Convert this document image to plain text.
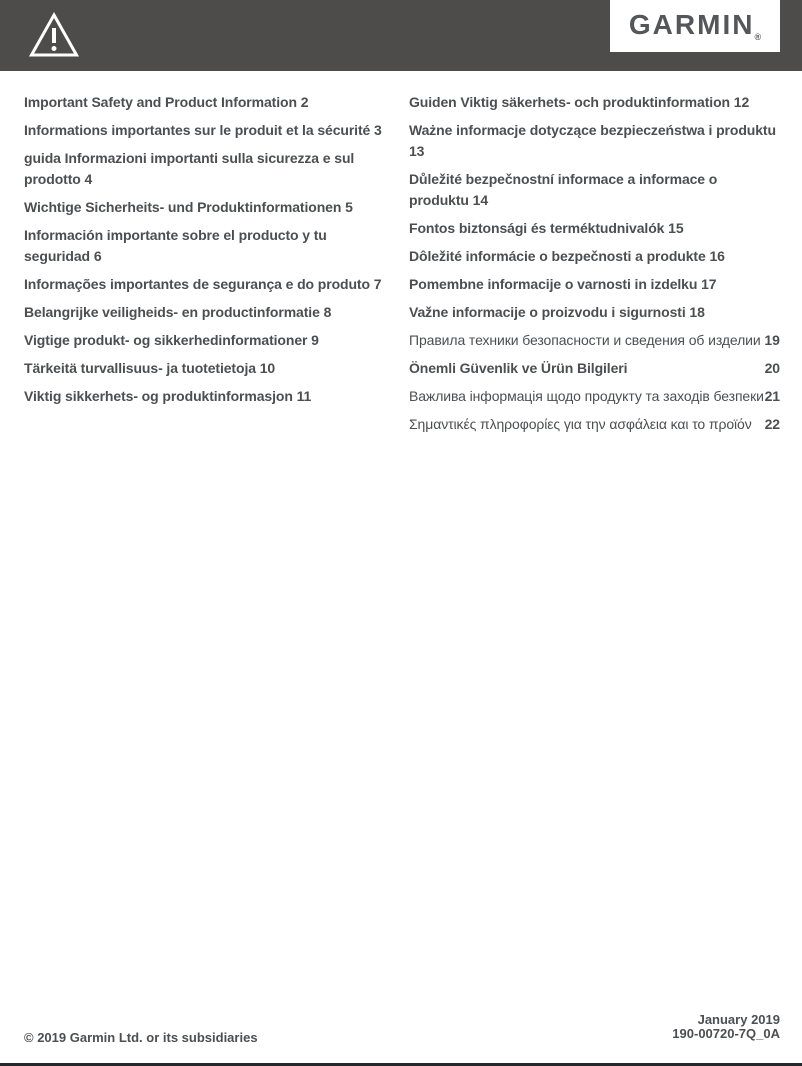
$GARMIN_®$

Important Safety and Product Information 2

Informations importantes sur le produit et la sécurité 3

guida Informazioni importanti sulla sicurezza e sul prodotto 4

Wichtige Sicherheits- und Produktinformationen 5

Información importante sobre el producto y tu seguridad 6

Informações importantes de segurança e do produto 7

Belangrijke veiligheids- en productinformatie 8

Vigtige produkt- og sikkerhedinformationer 9

Tärkeitä turvallisuus- ja tuotetietoja 10

Viktig sikkerhets- og produktinformasjon 11

Guiden Viktig säkerhets- och produktinformation 12

Ważne informacje dotyczące bezpieczeństwa i produktu 13

Důležité bezpečnostní informace a informace o produktu 14

Fontos biztonsági és terméktudnivalók 15

Dôležité informácie o bezpečnosti a produkte 16

Pomembne informacije o varnosti in izdelku 17

Važne informacije o proizvodu i sigurnosti 18

Правила техники безопасности и сведения об изделии 19

Önemli Güvenlik ve Ürün Bilgileri	20

Важлива інформація щодо продукту та заходів безпеки 21

Σημαντικές πληροφορίες για την ασφάλεια και το προϊόν 22

© 2019 Garmin Ltd. or its subsidiaries
January 2019
190-00720-7Q_0A
